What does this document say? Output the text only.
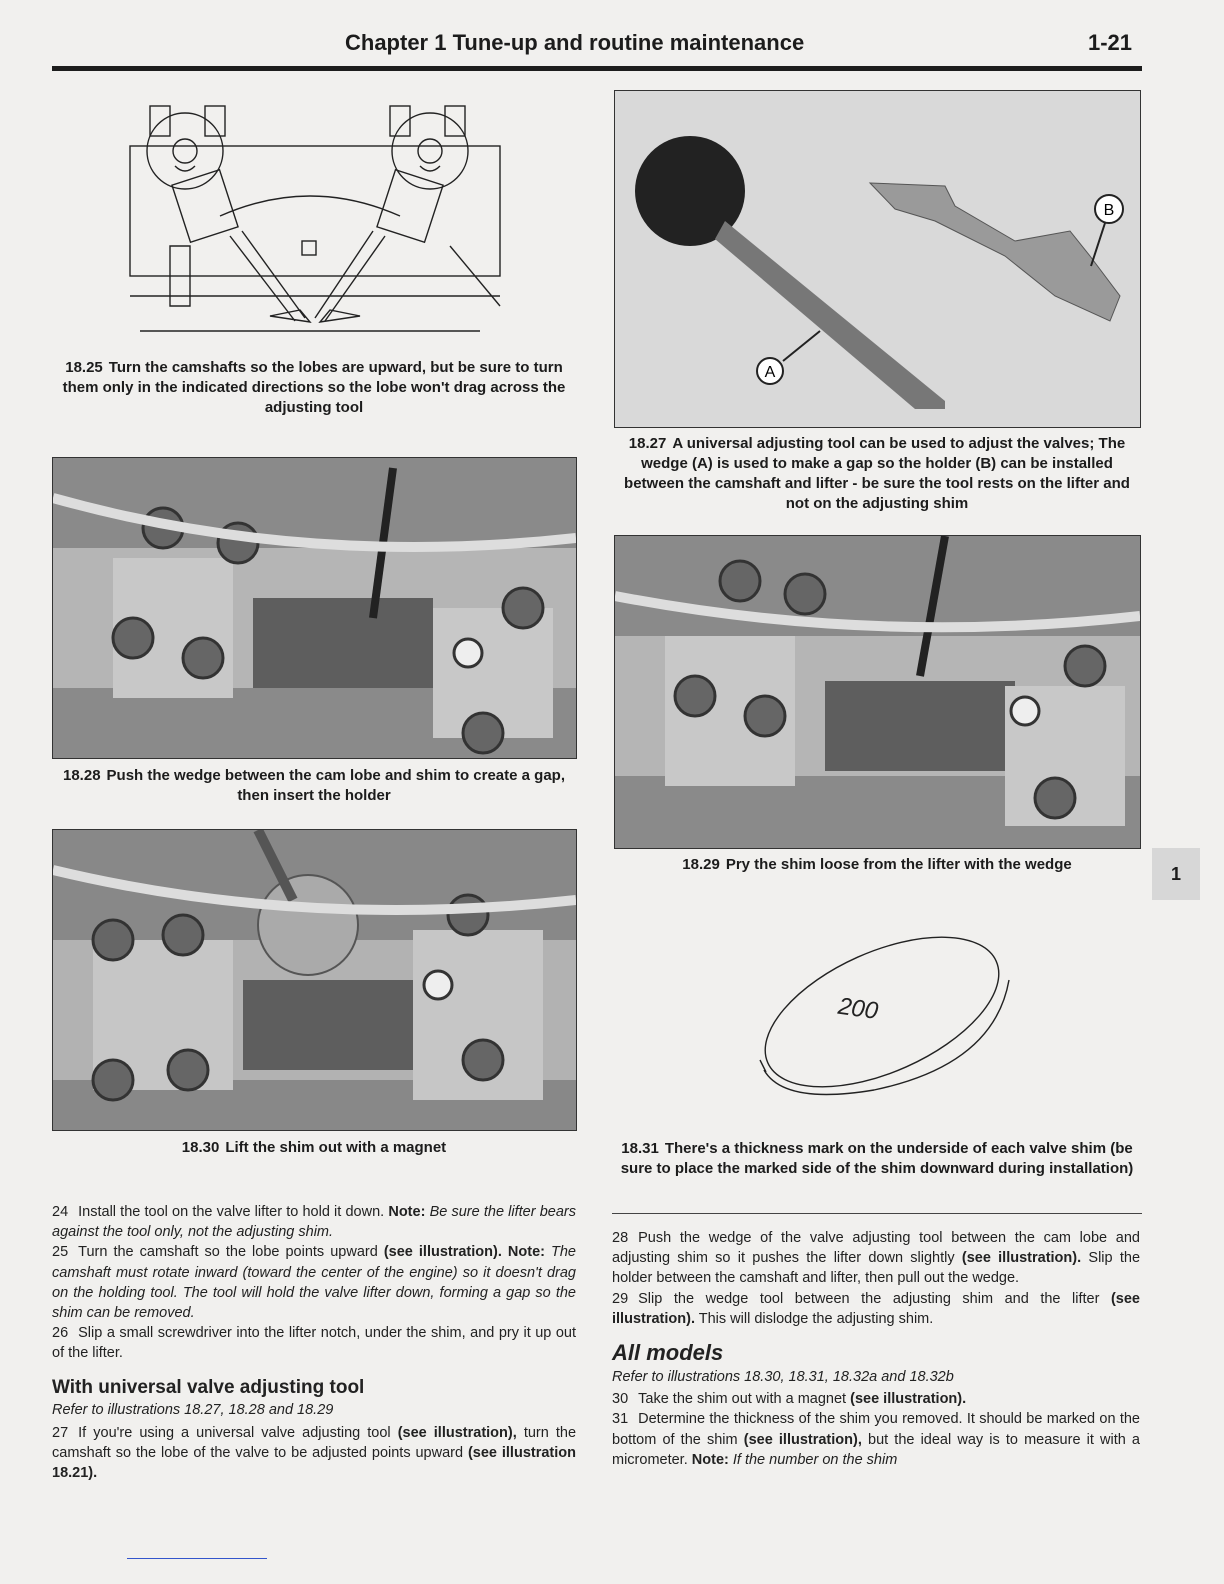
Chapter 1 Tune-up and routine maintenance	1-21
18.25 Turn the camshafts so the lobes are upward, but be sure to turn them only in the indicated directions so the lobe won't drag across the adjusting tool
A
B
18.27 A universal adjusting tool can be used to adjust the valves; The wedge (A) is used to make a gap so the holder (B) can be installed between the camshaft and lifter - be sure the tool rests on the lifter and not on the adjusting shim
18.28 Push the wedge between the cam lobe and shim to create a gap, then insert the holder
18.29 Pry the shim loose from the lifter with the wedge	1
18.30 Lift the shim out with a magnet
200
18.31 There's a thickness mark on the underside of each valve shim (be sure to place the marked side of the shim downward during installation)

24 Install the tool on the valve lifter to hold it down. Note: Be sure the lifter bears against the tool only, not the adjusting shim.

25 Turn the camshaft so the lobe points upward (see illustration). Note: The camshaft must rotate inward (toward the center of the engine) so it doesn't drag on the holding tool. The tool will hold the valve lifter down, forming a gap so the shim can be removed.

26 Slip a small screwdriver into the lifter notch, under the shim, and pry it up out of the lifter.

With universal valve adjusting tool

Refer to illustrations 18.27, 18.28 and 18.29

27 If you're using a universal valve adjusting tool (see illustration), turn the camshaft so the lobe of the valve to be adjusted points upward (see illustration 18.21).

28 Push the wedge of the valve adjusting tool between the cam lobe and adjusting shim so it pushes the lifter down slightly (see illustration). Slip the holder between the camshaft and lifter, then pull out the wedge.

29 Slip the wedge tool between the adjusting shim and the lifter (see illustration). This will dislodge the adjusting shim.

All models

Refer to illustrations 18.30, 18.31, 18.32a and 18.32b

30 Take the shim out with a magnet (see illustration).

31 Determine the thickness of the shim you removed. It should be marked on the bottom of the shim (see illustration), but the ideal way is to measure it with a micrometer. Note: If the number on the shim
